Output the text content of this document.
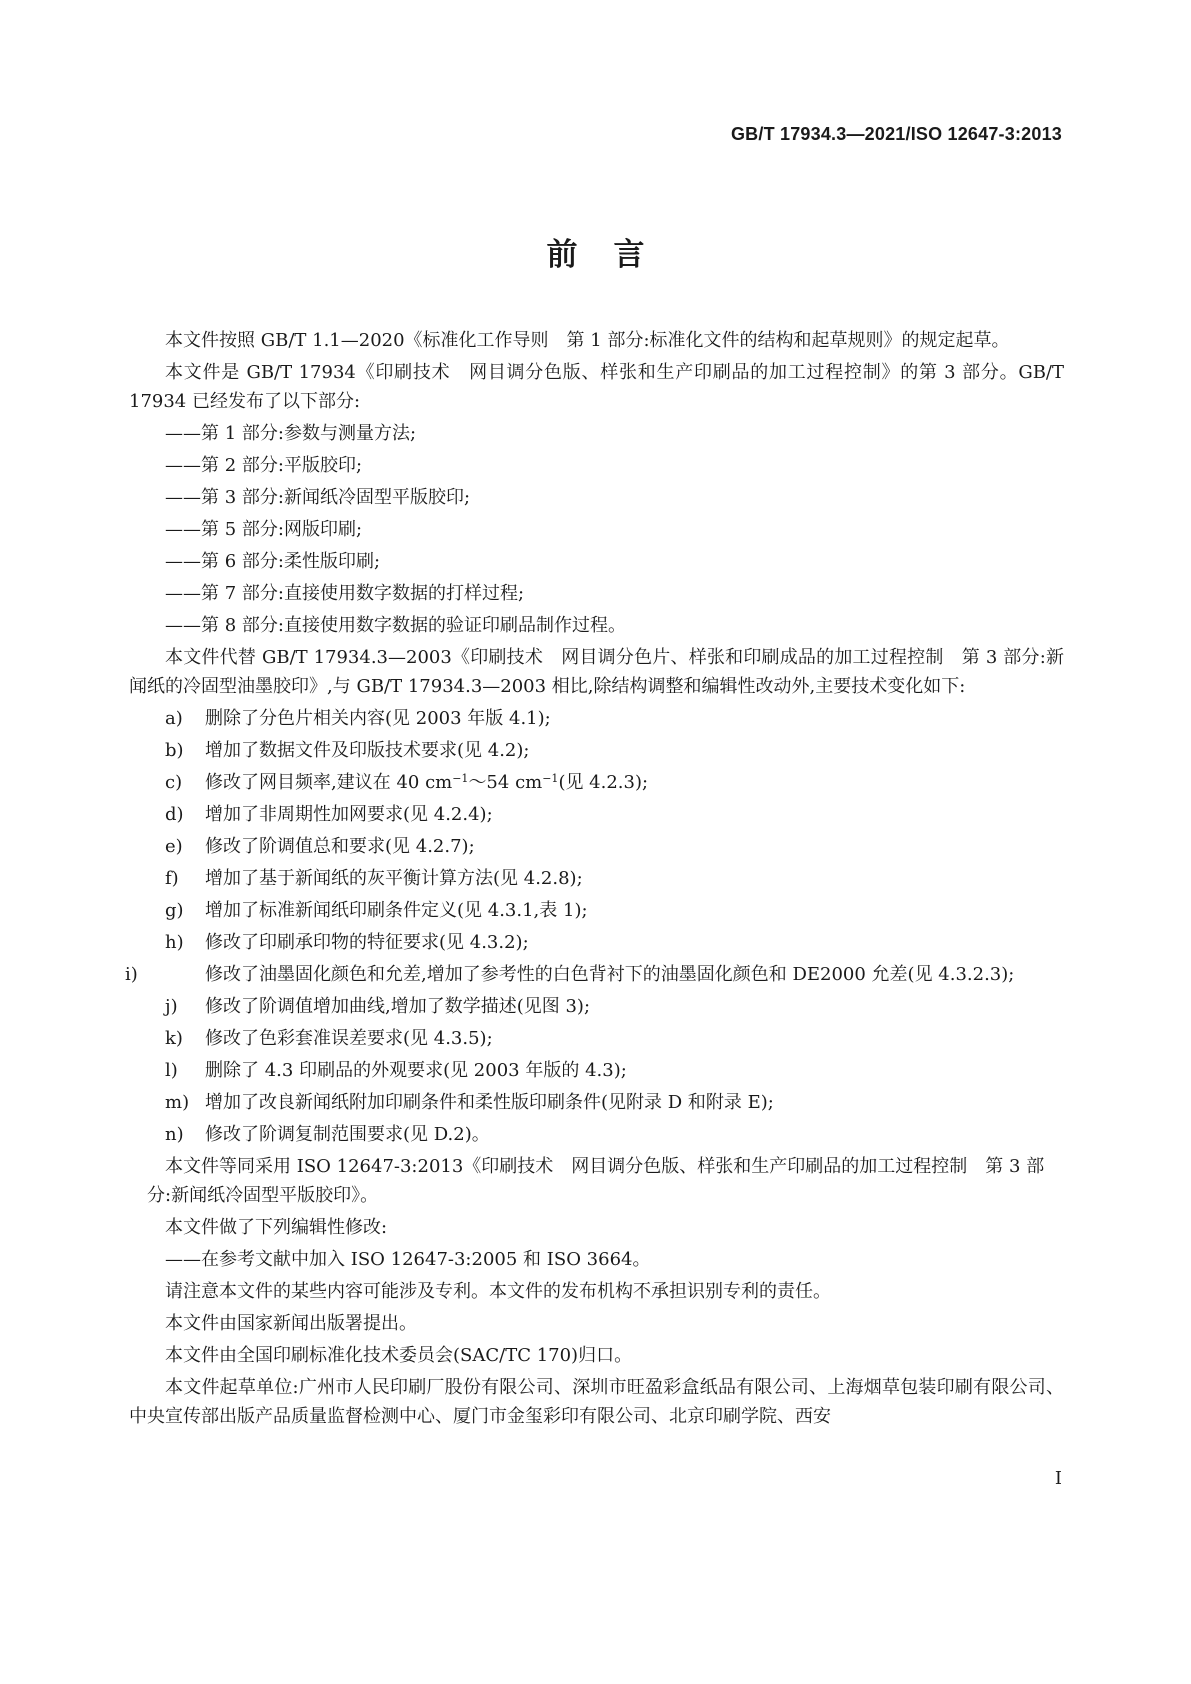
GB/T 17934.3—2021/ISO 12647-3:2013
前言

本文件按照 GB/T 1.1—2020《标准化工作导则　第 1 部分:标准化文件的结构和起草规则》的规定起草。

本文件是 GB/T 17934《印刷技术　网目调分色版、样张和生产印刷品的加工过程控制》的第 3 部分。GB/T 17934 已经发布了以下部分:

——第 1 部分:参数与测量方法;

——第 2 部分:平版胶印;

——第 3 部分:新闻纸冷固型平版胶印;

——第 5 部分:网版印刷;

——第 6 部分:柔性版印刷;

——第 7 部分:直接使用数字数据的打样过程;

——第 8 部分:直接使用数字数据的验证印刷品制作过程。

本文件代替 GB/T 17934.3—2003《印刷技术　网目调分色片、样张和印刷成品的加工过程控制　第 3 部分:新闻纸的冷固型油墨胶印》,与 GB/T 17934.3—2003 相比,除结构调整和编辑性改动外,主要技术变化如下:

a) 删除了分色片相关内容(见 2003 年版 4.1);

b) 增加了数据文件及印版技术要求(见 4.2);

c) 修改了网目频率,建议在 40 $cm^{-1}\sim 54$ $cm^{-1}$(见 4.2.3);

d) 增加了非周期性加网要求(见 4.2.4);

e) 修改了阶调值总和要求(见 4.2.7);

f) 增加了基于新闻纸的灰平衡计算方法(见 4.2.8);

g) 增加了标准新闻纸印刷条件定义(见 4.3.1,表 1);

h) 修改了印刷承印物的特征要求(见 4.3.2);

i)	修改了油墨固化颜色和允差,增加了参考性的白色背衬下的油墨固化颜色和 DE2000 允差(见 4.3.2.3);

j) 修改了阶调值增加曲线,增加了数学描述(见图 3);

k) 修改了色彩套准误差要求(见 4.3.5);

l) 删除了 4.3 印刷品的外观要求(见 2003 年版的 4.3);

m) 增加了改良新闻纸附加印刷条件和柔性版印刷条件(见附录 D 和附录 E);

n) 修改了阶调复制范围要求(见 D.2)。

本文件等同采用 ISO 12647-3:2013《印刷技术　网目调分色版、样张和生产印刷品的加工过程控制　第 3 部分:新闻纸冷固型平版胶印》。

本文件做了下列编辑性修改:

——在参考文献中加入 ISO 12647-3:2005 和 ISO 3664。

请注意本文件的某些内容可能涉及专利。本文件的发布机构不承担识别专利的责任。

本文件由国家新闻出版署提出。

本文件由全国印刷标准化技术委员会(SAC/TC 170)归口。

本文件起草单位:广州市人民印刷厂股份有限公司、深圳市旺盈彩盒纸品有限公司、上海烟草包装印刷有限公司、中央宣传部出版产品质量监督检测中心、厦门市金玺彩印有限公司、北京印刷学院、西安

I
